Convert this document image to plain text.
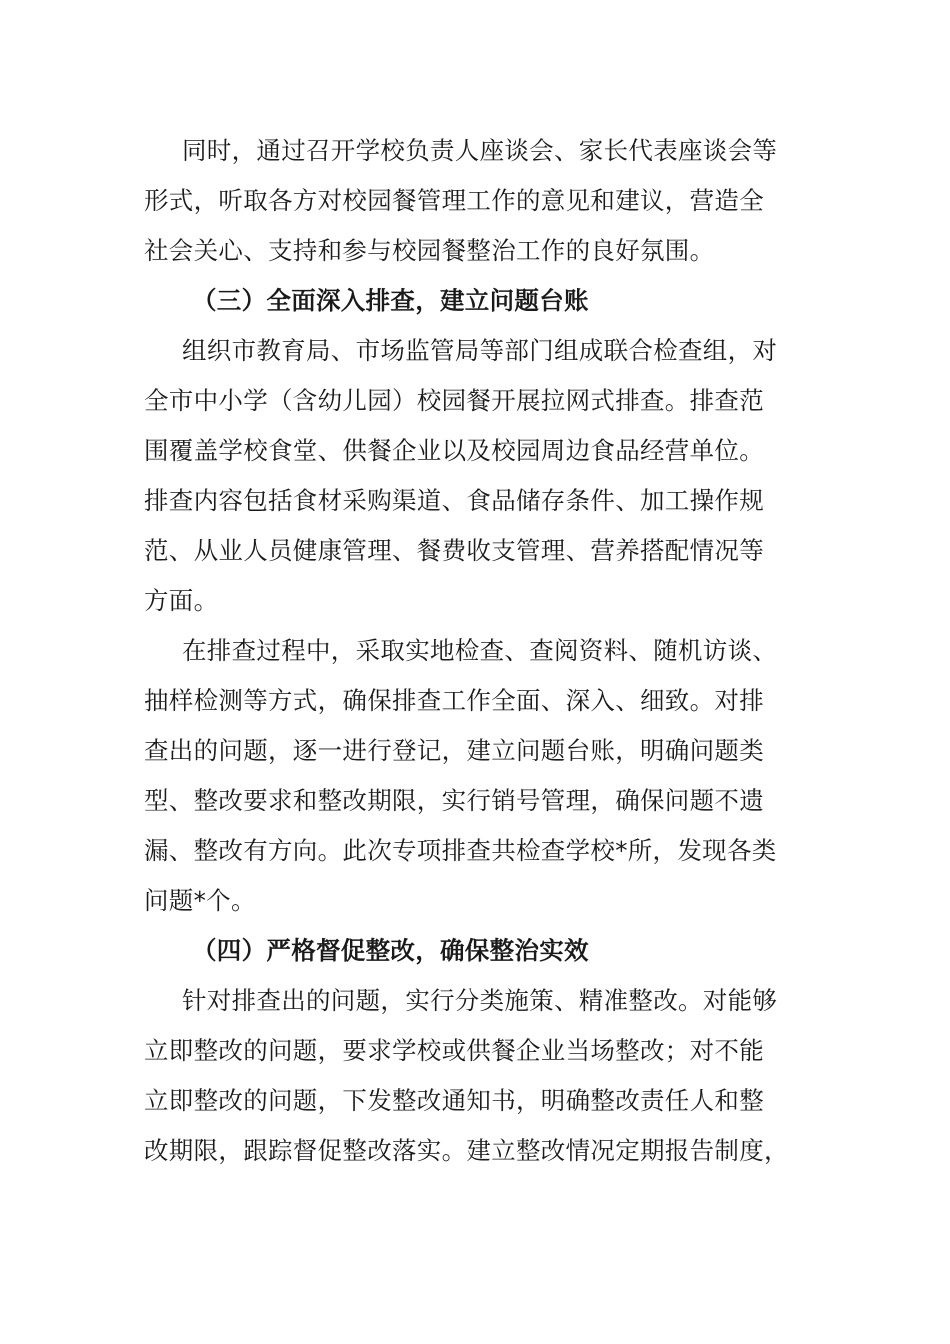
同时，通过召开学校负责人座谈会、家长代表座谈会等
形式，听取各方对校园餐管理工作的意见和建议，营造全
社会关心、支持和参与校园餐整治工作的良好氛围。
（三）全面深入排查，建立问题台账
组织市教育局、市场监管局等部门组成联合检查组，对
全市中小学（含幼儿园）校园餐开展拉网式排查。排查范
围覆盖学校食堂、供餐企业以及校园周边食品经营单位。
排查内容包括食材采购渠道、食品储存条件、加工操作规
范、从业人员健康管理、餐费收支管理、营养搭配情况等
方面。
在排查过程中，采取实地检查、查阅资料、随机访谈、
抽样检测等方式，确保排查工作全面、深入、细致。对排
查出的问题，逐一进行登记，建立问题台账，明确问题类
型、整改要求和整改期限，实行销号管理，确保问题不遗
漏、整改有方向。此次专项排查共检查学校*所，发现各类
问题*个。
（四）严格督促整改，确保整治实效
针对排查出的问题，实行分类施策、精准整改。对能够
立即整改的问题，要求学校或供餐企业当场整改；对不能
立即整改的问题，下发整改通知书，明确整改责任人和整
改期限，跟踪督促整改落实。建立整改情况定期报告制度，
